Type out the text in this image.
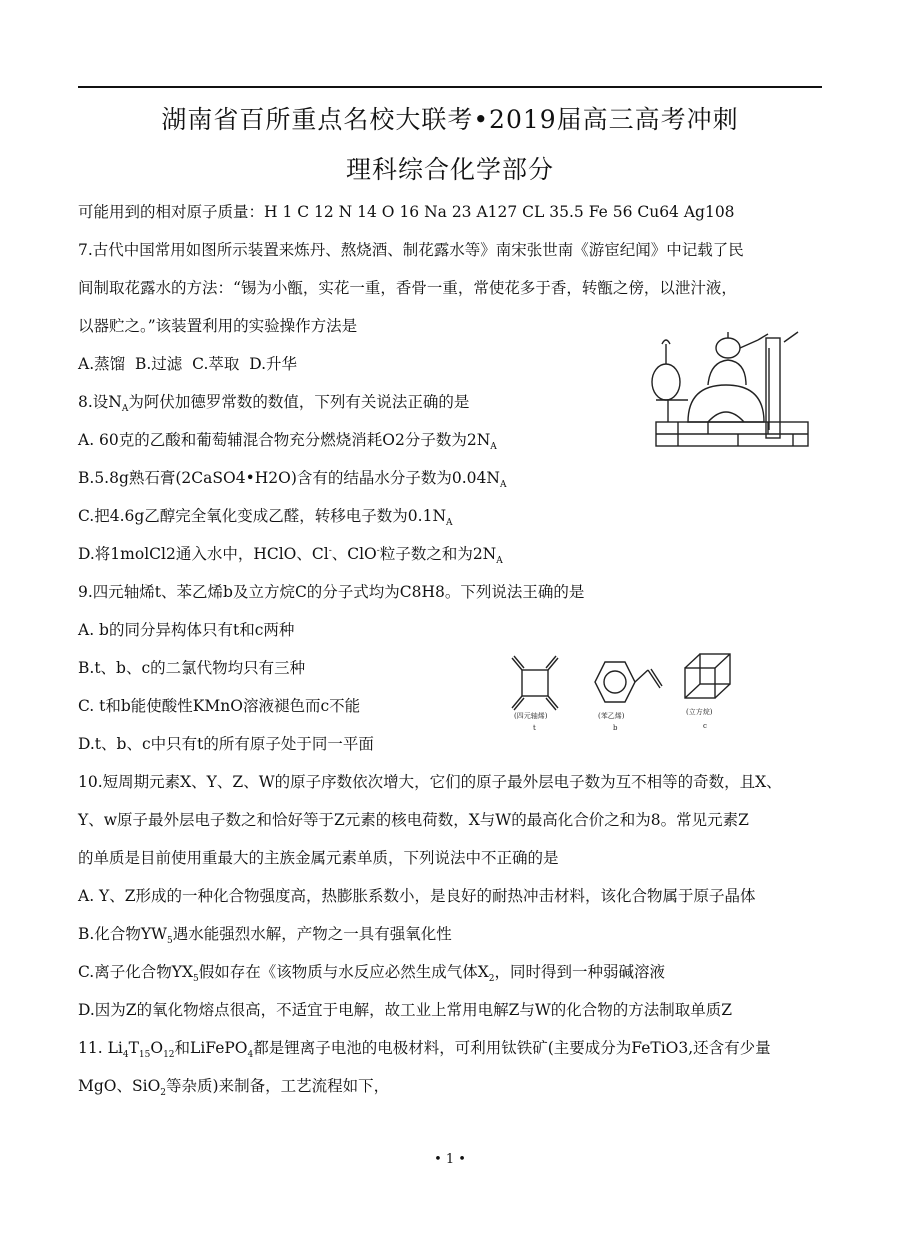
湖南省百所重点名校大联考•2019届高三高考冲刺
理科综合化学部分
可能用到的相对原子质量：H 1 C 12 N 14 O 16 Na 23 A127 CL 35.5 Fe 56 Cu64 Ag108
7.古代中国常用如图所示装置来炼丹、熬烧酒、制花露水等》南宋张世南《游宦纪闻》中记载了民
间制取花露水的方法：“锡为小甑，实花一重，香骨一重，常使花多于香，转甑之傍，以泄汁液，
以器贮之。”该装置利用的实验操作方法是
A.蒸馏  B.过滤  C.萃取  D.升华
8.设$N_A$为阿伏加德罗常数的数值，下列有关说法正确的是
A. 60克的乙酸和葡萄辅混合物充分燃烧消耗O2分子数为$2N_A$
B.5.8g熟石膏(2CaSO4•H2O)含有的结晶水分子数为$0.04N_A$
C.把4.6g乙醇完全氧化变成乙醛，转移电子数为$0.1N_A$
D.将1molCl2通入水中，HClO、Cl-、ClO-粒子数之和为$2N_A$
9.四元轴烯t、苯乙烯b及立方烷C的分子式均为C8H8。下列说法王确的是
A. b的同分异构体只有t和c两种
B.t、b、c的二氯代物均只有三种
C. t和b能使酸性KMnO溶液褪色而c不能
D.t、b、c中只有t的所有原子处于同一平面
(四元轴烯)
t
(苯乙烯)
b
(立方烷)
c
10.短周期元素X、Y、Z、W的原子序数依次增大，它们的原子最外层电子数为互不相等的奇数，且X、
Y、w原子最外层电子数之和恰好等于Z元素的核电荷数，X与W的最高化合价之和为8。常见元素Z
的单质是目前使用重最大的主族金属元素单质，下列说法中不正确的是
A. Y、Z形成的一种化合物强度高，热膨胀系数小，是良好的耐热冲击材料，该化合物属于原子晶体
B.化合物$YW_5$遇水能强烈水解，产物之一具有强氧化性
C.离子化合物$YX_5$假如存在《该物质与水反应必然生成气体$X_2$，同时得到一种弱碱溶液
D.因为Z的氧化物熔点很高，不适宜于电解，故工业上常用电解Z与W的化合物的方法制取单质Z
11. $Li_4T_{15}O_{12}$和LiFePO$_4$都是锂离子电池的电极材料，可利用钛铁矿(主要成分为FeTiO3,还含有少量
MgO、SiO$_2$等杂质)来制备，工艺流程如下，
• 1 •
